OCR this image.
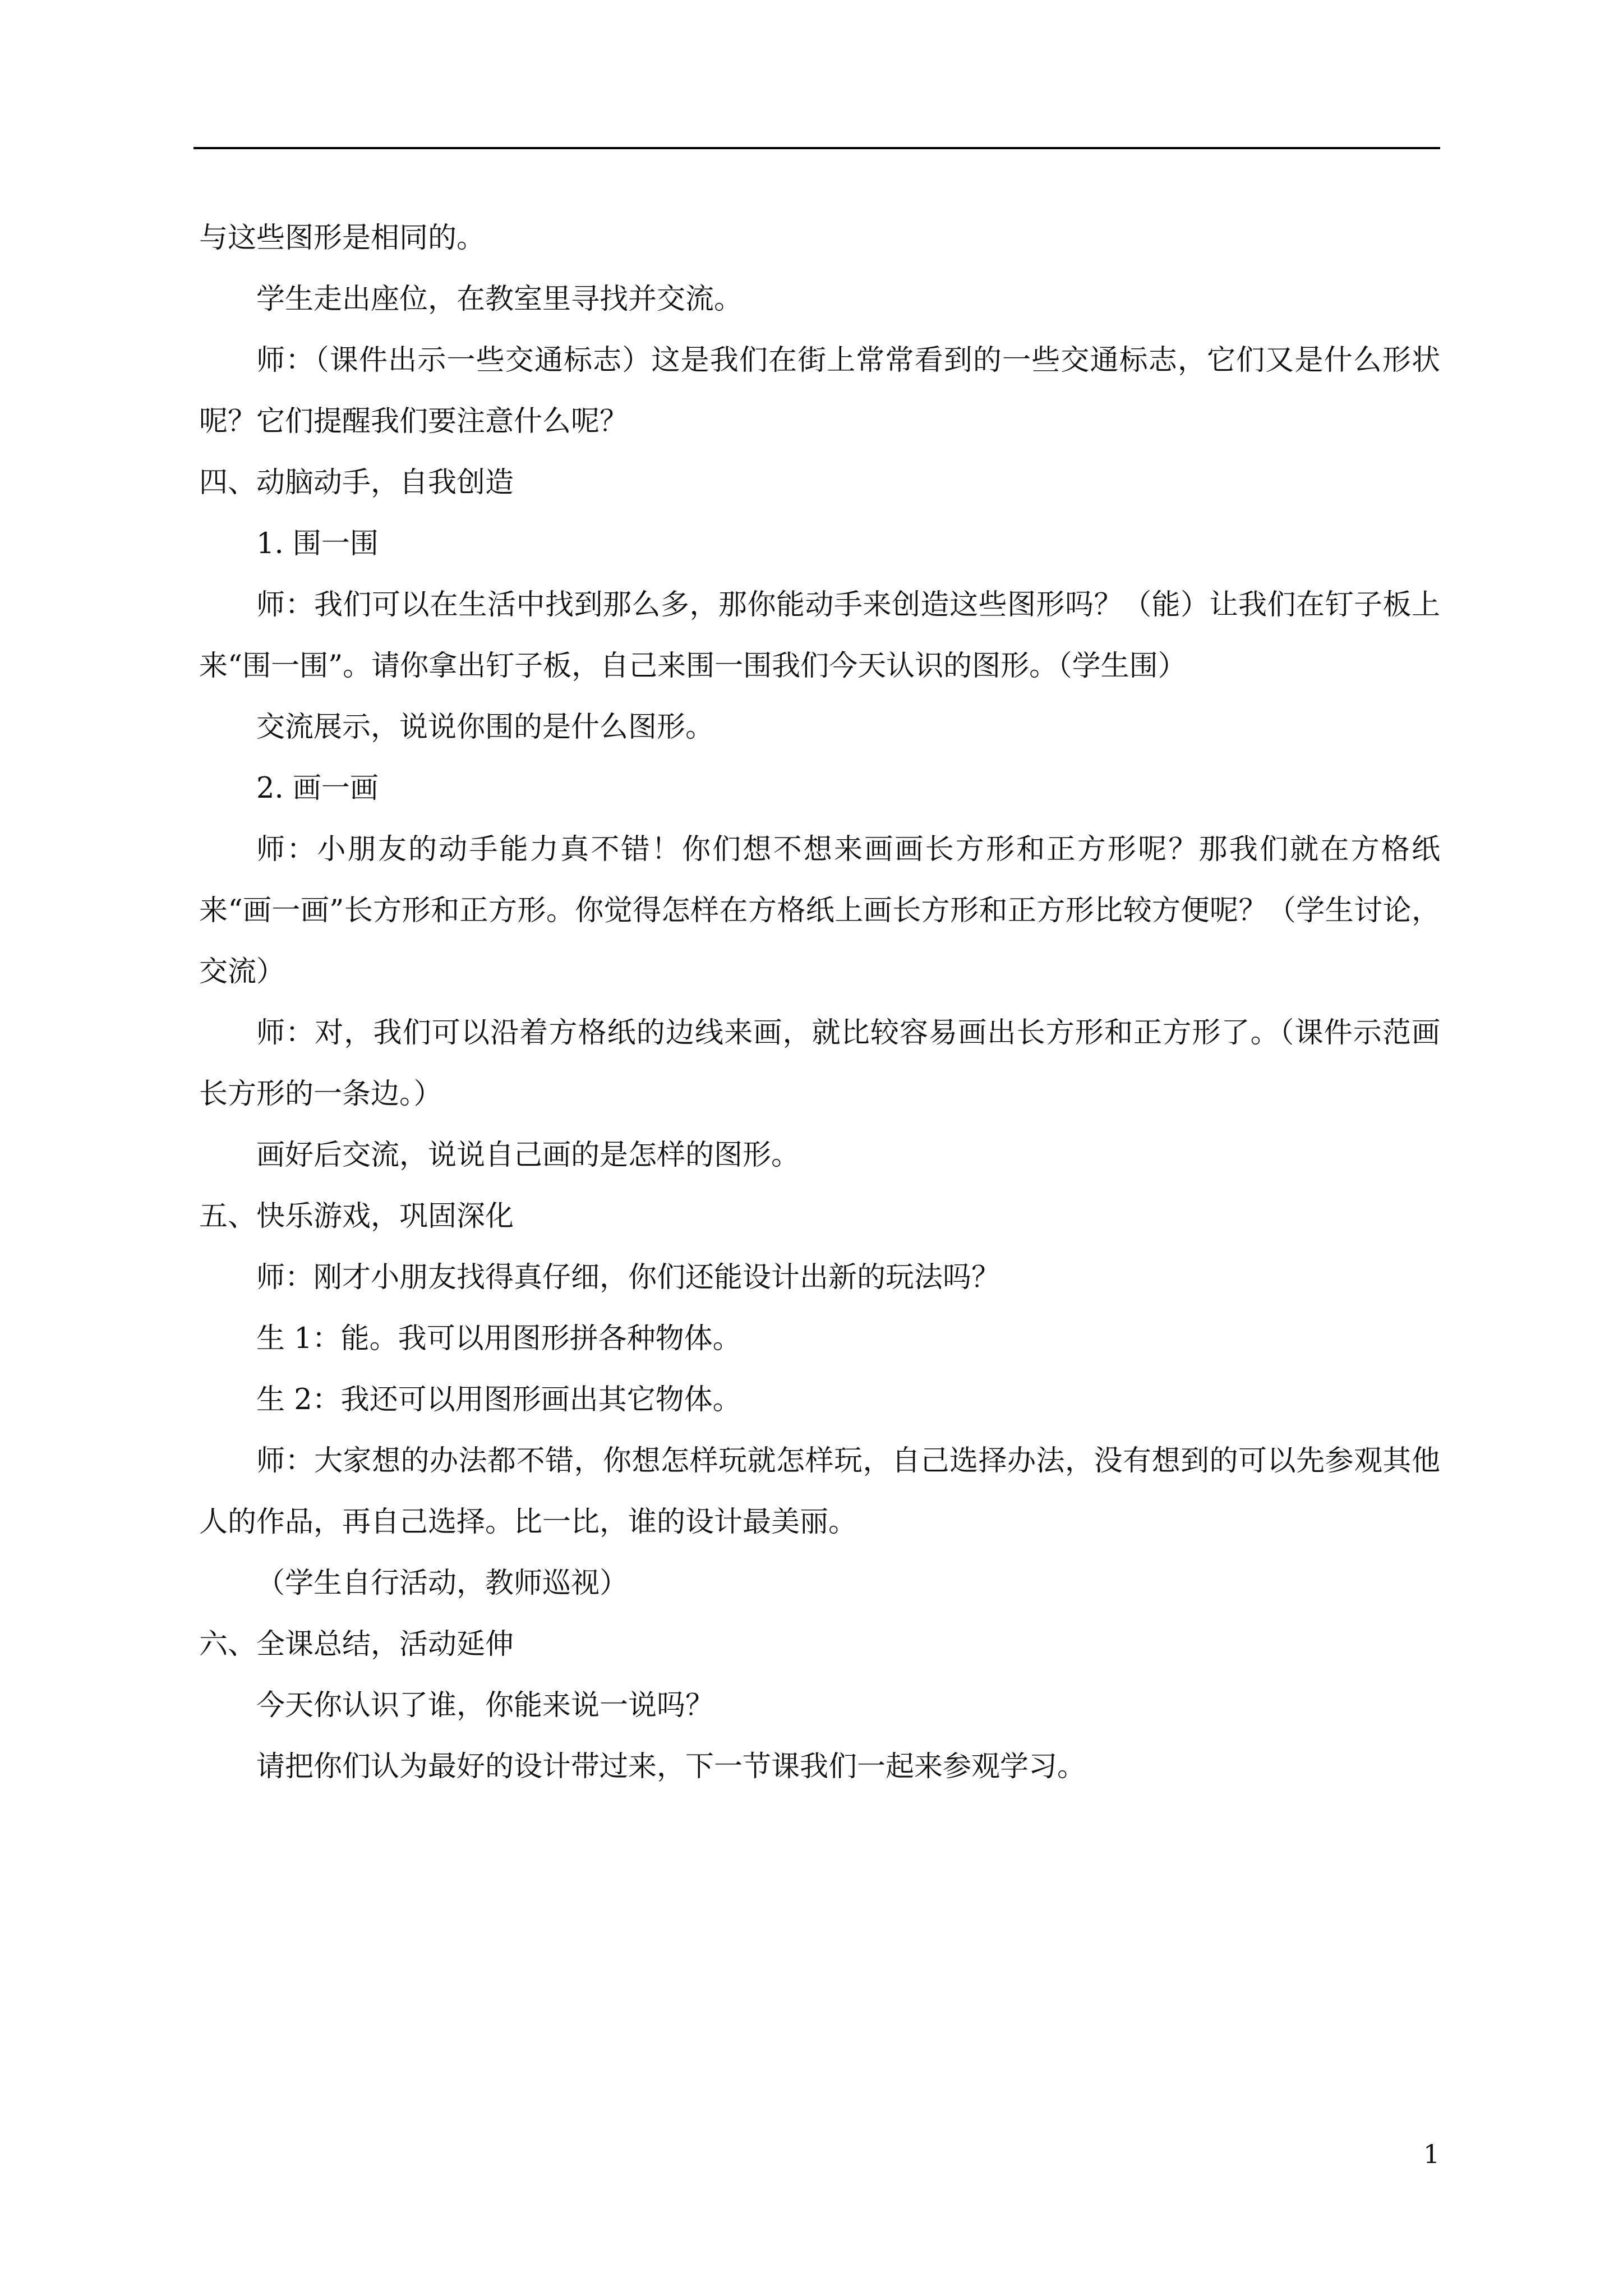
与这些图形是相同的。

学生走出座位，在教室里寻找并交流。

师：（课件出示一些交通标志）这是我们在街上常常看到的一些交通标志，它们又是什么形状呢？它们提醒我们要注意什么呢？

四、动脑动手，自我创造

1. 围一围

师：我们可以在生活中找到那么多，那你能动手来创造这些图形吗？（能）让我们在钉子板上来“围一围”。请你拿出钉子板，自己来围一围我们今天认识的图形。（学生围）

交流展示，说说你围的是什么图形。

2. 画一画

师：小朋友的动手能力真不错！你们想不想来画画长方形和正方形呢？那我们就在方格纸来“画一画”长方形和正方形。你觉得怎样在方格纸上画长方形和正方形比较方便呢？（学生讨论，交流）

师：对，我们可以沿着方格纸的边线来画，就比较容易画出长方形和正方形了。（课件示范画长方形的一条边。）

画好后交流，说说自己画的是怎样的图形。

五、快乐游戏，巩固深化

师：刚才小朋友找得真仔细，你们还能设计出新的玩法吗？

生 1：能。我可以用图形拼各种物体。

生 2：我还可以用图形画出其它物体。

师：大家想的办法都不错，你想怎样玩就怎样玩，自己选择办法，没有想到的可以先参观其他人的作品，再自己选择。比一比，谁的设计最美丽。

（学生自行活动，教师巡视）

六、全课总结，活动延伸

今天你认识了谁，你能来说一说吗？

请把你们认为最好的设计带过来，下一节课我们一起来参观学习。

1
